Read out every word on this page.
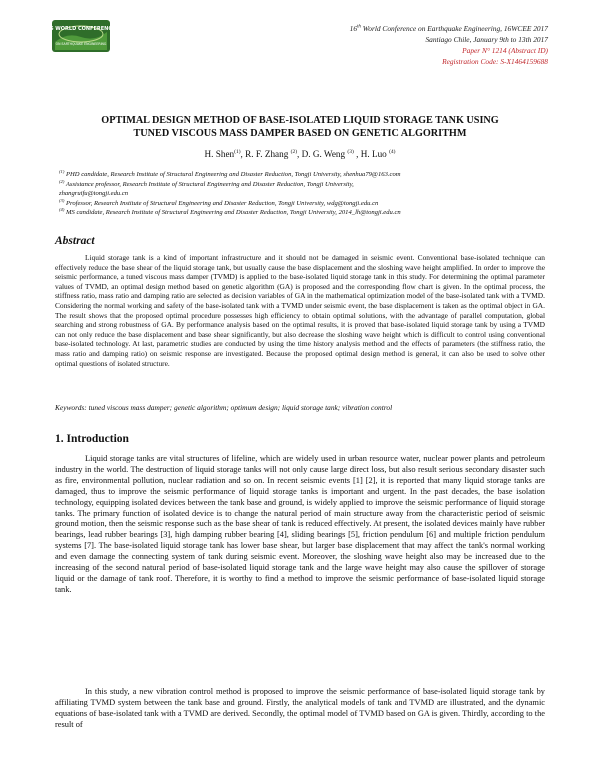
16 WORLD CONFERENCE
ON EARTHQUAKE ENGINEERING
16th World Conference on Earthquake Engineering, 16WCEE 2017
Santiago Chile, January 9th to 13th 2017
Paper N° 1214 (Abstract ID)
Registration Code: S-X1464159688
OPTIMAL DESIGN METHOD OF BASE-ISOLATED LIQUID STORAGE TANK USING
TUNED VISCOUS MASS DAMPER BASED ON GENETIC ALGORITHM
H. Shen$^{(1)}$, R. F. Zhang $^{(2)}$, D. G. Weng $^{(3)}$ , H. Luo $^{(4)}$
$^{(1)}$ PHD candidate, Research Institute of Structural Engineering and Disaster Reduction, Tongji University, shenhua79@163.com
$^{(2)}$ Assistance professor, Research Institute of Structural Engineering and Disaster Reduction, Tongji University,
zhangruifu@tongji.edu.cn
$^{(3)}$ Professor, Research Institute of Structural Engineering and Disaster Reduction, Tongji University, wdg@tongji.edu.cn
$^{(4)}$ MS candidate, Research Institute of Structural Engineering and Disaster Reduction, Tongji University, 2014_lh@tongji.edu.cn
Abstract

Liquid storage tank is a kind of important infrastructure and it should not be damaged in seismic event. Conventional base-isolated technique can effectively reduce the base shear of the liquid storage tank, but usually cause the base displacement and the sloshing wave height amplified. In order to improve the seismic performance, a tuned viscous mass damper (TVMD) is applied to the base-isolated liquid storage tank in this study. For determining the optimal parameter values of TVMD, an optimal design method based on genetic algorithm (GA) is proposed and the corresponding flow chart is given. In the optimal process, the stiffness ratio, mass ratio and damping ratio are selected as decision variables of GA in the mathematical optimization model of the base-isolated tank with a TVMD. Considering the normal working and safety of the base-isolated tank with a TVMD under seismic event, the base displacement is taken as the optimal object in GA. The result shows that the proposed optimal procedure possesses high efficiency to obtain optimal solutions, with the advantage of parallel computation, global searching and strong robustness of GA. By performance analysis based on the optimal results, it is proved that base-isolated liquid storage tank by using a TVMD can not only reduce the base displacement and base shear significantly, but also decrease the sloshing wave height which is difficult to control using conventional base-isolated technology. At last, parametric studies are conducted by using the time history analysis method and the effects of parameters (the stiffness ratio, the mass ratio and damping ratio) on seismic response are investigated. Because the proposed optimal design method is general, it can also be used to solve other optimal questions of isolated structure.

Keywords: tuned viscous mass damper; genetic algorithm; optimum design; liquid storage tank; vibration control

1. Introduction

Liquid storage tanks are vital structures of lifeline, which are widely used in urban resource water, nuclear power plants and petroleum industry in the world. The destruction of liquid storage tanks will not only cause large direct loss, but also result serious secondary disaster such as fire, environmental pollution, nuclear radiation and so on. In recent seismic events [1] [2], it is reported that many liquid storage tanks are damaged, thus to improve the seismic performance of liquid storage tanks is important and urgent. In the past decades, the base isolation technology, equipping isolated devices between the tank base and ground, is widely applied to improve the seismic performance of liquid storage tanks. The primary function of isolated device is to change the natural period of main structure away from the characteristic period of seismic ground motion, then the seismic response such as the base shear of tank is reduced effectively. At present, the isolated devices mainly have rubber bearings, lead rubber bearings [3], high damping rubber bearing [4], sliding bearings [5], friction pendulum [6] and multiple friction pendulum systems [7]. The base-isolated liquid storage tank has lower base shear, but larger base displacement that may affect the tank's normal working and even damage the connecting system of tank during seismic event. Moreover, the sloshing wave height also may be increased due to the increasing of the second natural period of base-isolated liquid storage tank and the large wave height may also cause the spillover of storage liquid or the damage of tank roof. Therefore, it is worthy to find a method to improve the seismic performance of base-isolated liquid storage tank.

In this study, a new vibration control method is proposed to improve the seismic performance of base-isolated liquid storage tank by affiliating TVMD system between the tank base and ground. Firstly, the analytical models of tank and TVMD are illustrated, and the dynamic equations of base-isolated tank with a TVMD are derived. Secondly, the optimal model of TVMD based on GA is given. Thirdly, according to the result of
